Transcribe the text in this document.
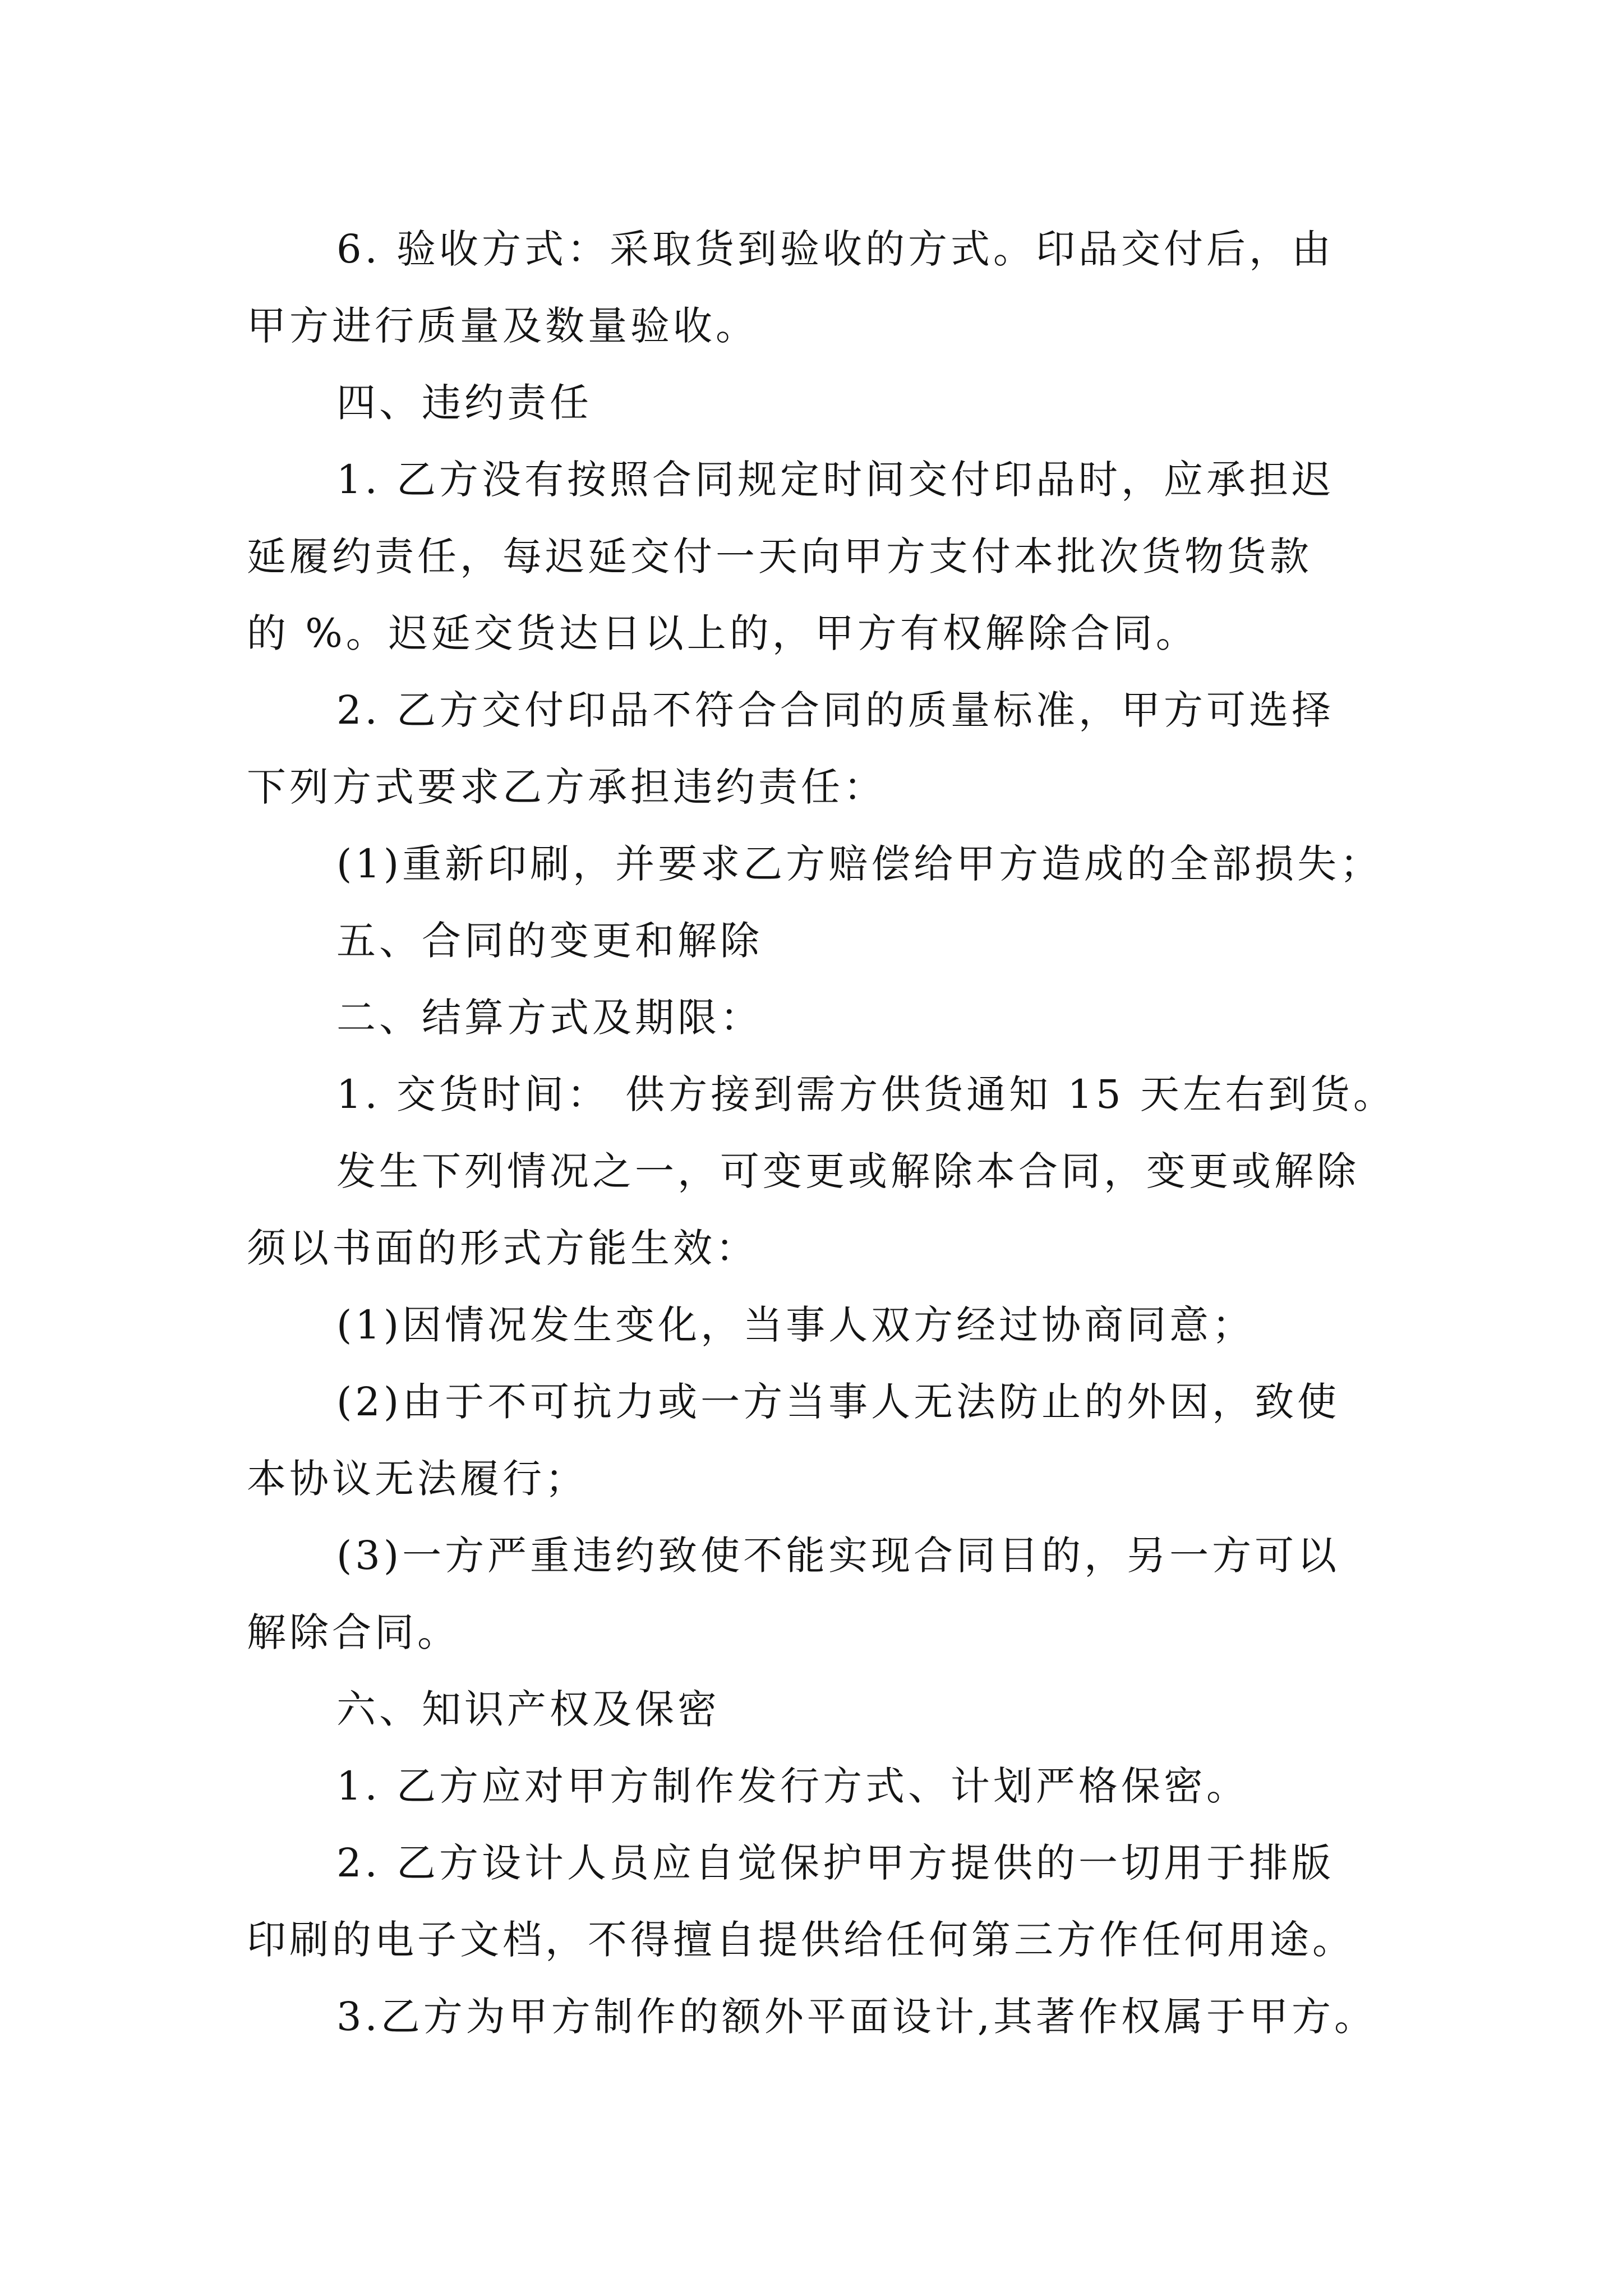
6. 验收方式：采取货到验收的方式。印品交付后，由
甲方进行质量及数量验收。
四、违约责任
1. 乙方没有按照合同规定时间交付印品时，应承担迟
延履约责任，每迟延交付一天向甲方支付本批次货物货款
的 %。迟延交货达日以上的，甲方有权解除合同。
2. 乙方交付印品不符合合同的质量标准，甲方可选择
下列方式要求乙方承担违约责任：
(1)重新印刷，并要求乙方赔偿给甲方造成的全部损失；
五、合同的变更和解除
二、结算方式及期限：
1. 交货时间： 供方接到需方供货通知 15 天左右到货。
发生下列情况之一，可变更或解除本合同，变更或解除
须以书面的形式方能生效：
(1)因情况发生变化，当事人双方经过协商同意；
(2)由于不可抗力或一方当事人无法防止的外因，致使
本协议无法履行；
(3)一方严重违约致使不能实现合同目的，另一方可以
解除合同。
六、知识产权及保密
1. 乙方应对甲方制作发行方式、计划严格保密。
2. 乙方设计人员应自觉保护甲方提供的一切用于排版
印刷的电子文档，不得擅自提供给任何第三方作任何用途。
3.乙方为甲方制作的额外平面设计,其著作权属于甲方。
